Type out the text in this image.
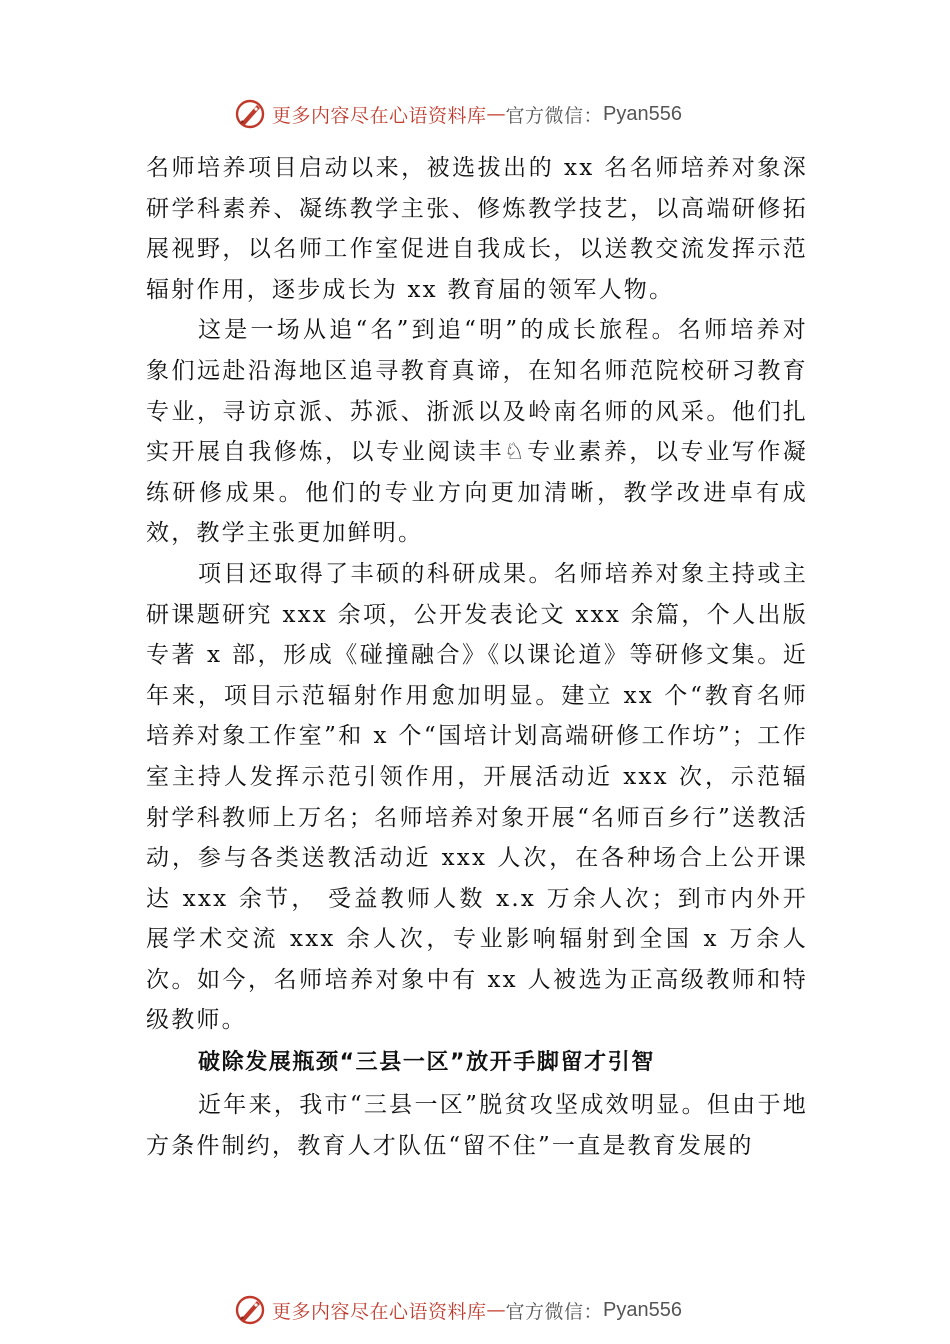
更多内容尽在心语资料库 — 官方微信： Pyan556

名师培养项目启动以来，被选拔出的 xx 名名师培养对象深研学科素养、凝练教学主张、修炼教学技艺，以高端研修拓展视野，以名师工作室促进自我成长，以送教交流发挥示范辐射作用，逐步成长为 xx 教育届的领军人物。

这是一场从追“名”到追“明”的成长旅程。名师培养对象们远赴沿海地区追寻教育真谛，在知名师范院校研习教育专业，寻访京派、苏派、浙派以及岭南名师的风采。他们扎实开展自我修炼，以专业阅读丰♘专业素养，以专业写作凝练研修成果。他们的专业方向更加清晰，教学改进卓有成效，教学主张更加鲜明。

项目还取得了丰硕的科研成果。名师培养对象主持或主研课题研究 xxx 余项，公开发表论文 xxx 余篇，个人出版专著 x 部，形成《碰撞融合》《以课论道》等研修文集。近年来，项目示范辐射作用愈加明显。建立 xx 个“教育名师培养对象工作室”和 x 个“国培计划高端研修工作坊”；工作室主持人发挥示范引领作用，开展活动近 xxx 次，示范辐射学科教师上万名；名师培养对象开展“名师百乡行”送教活动，参与各类送教活动近 xxx 人次，在各种场合上公开课达 xxx 余节， 受益教师人数 x.x 万余人次；到市内外开展学术交流 xxx 余人次，专业影响辐射到全国 x 万余人次。如今，名师培养对象中有 xx 人被选为正高级教师和特级教师。

破除发展瓶颈“三县一区”放开手脚留才引智

近年来，我市“三县一区”脱贫攻坚成效明显。但由于地方条件制约，教育人才队伍“留不住”一直是教育发展的

更多内容尽在心语资料库 — 官方微信： Pyan556
